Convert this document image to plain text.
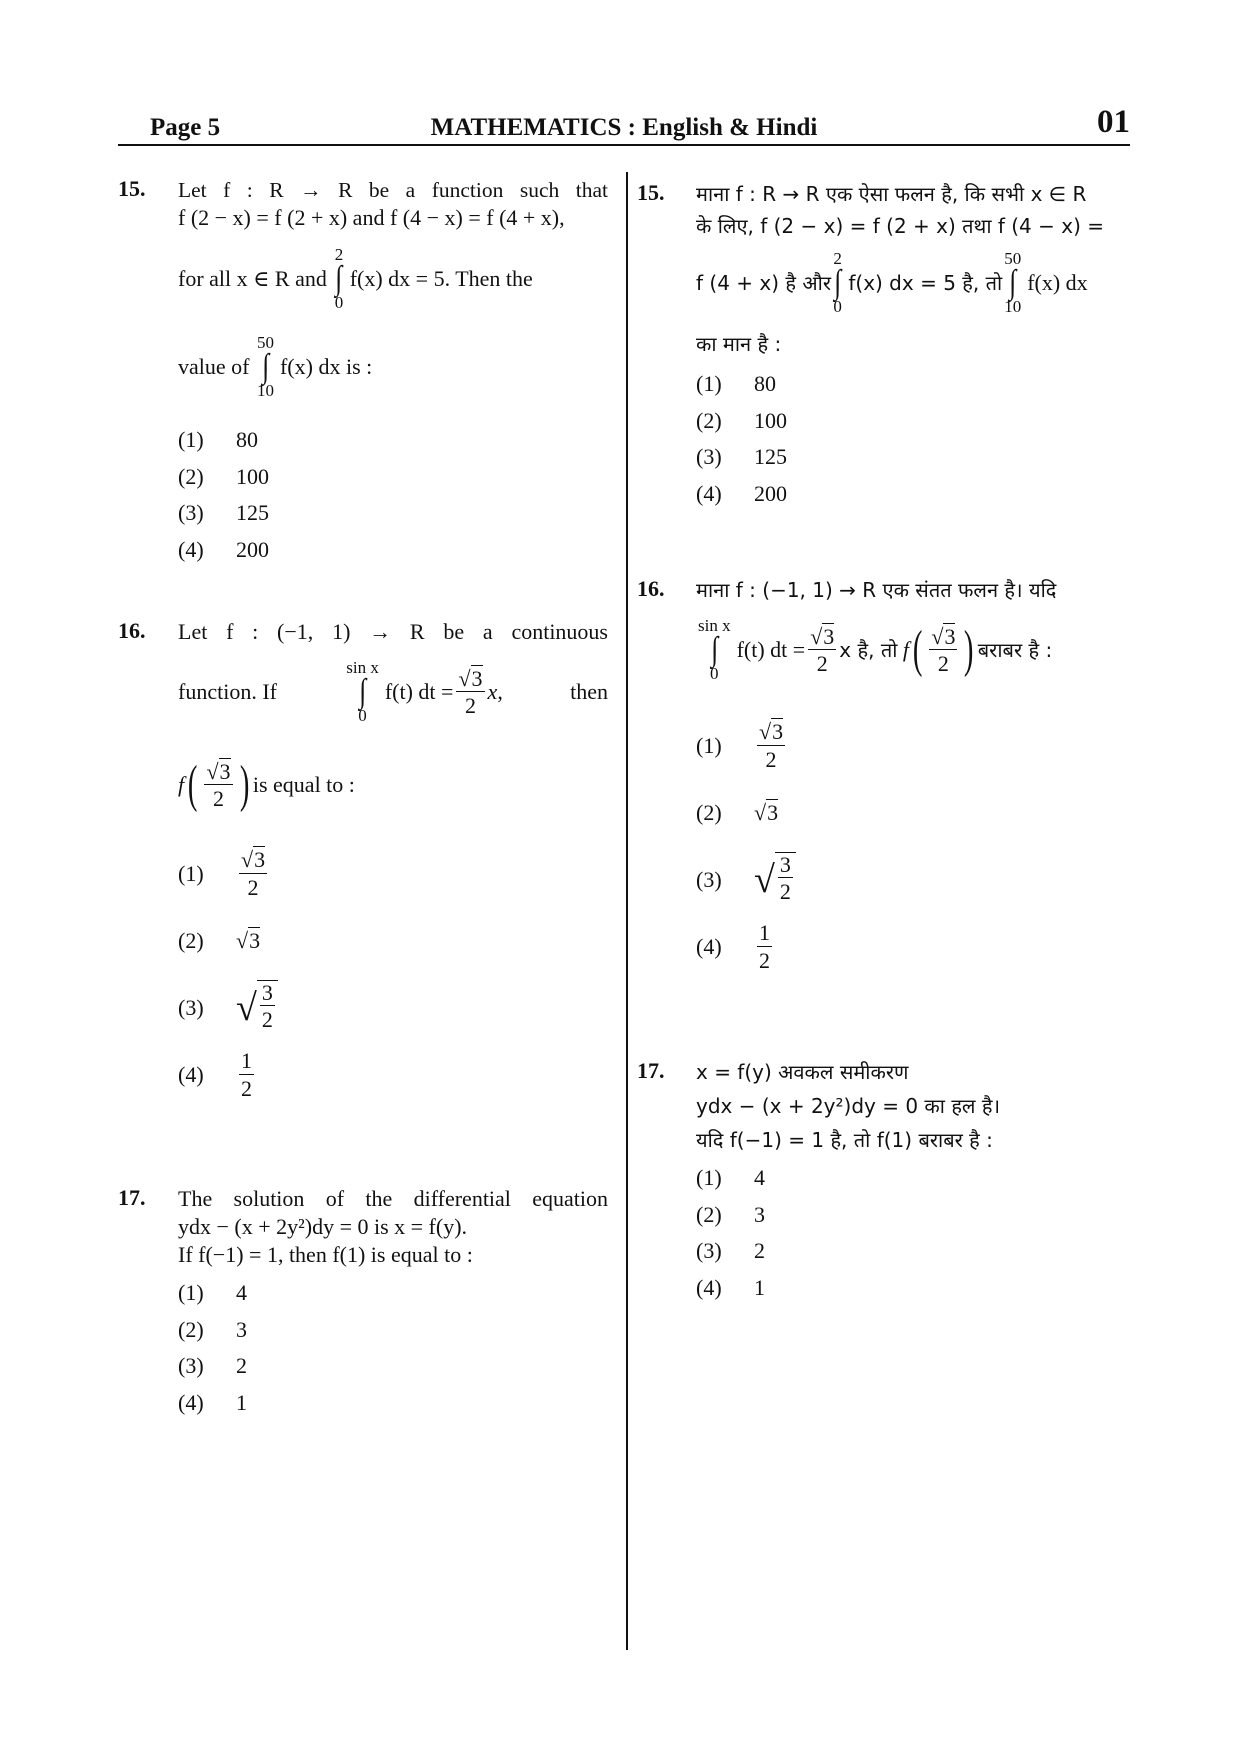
Page 5	MATHEMATICS : English & Hindi	01
15. Let f : R → R be a function such that
f (2 − x) = f (2 + x) and f (4 − x) = f (4 + x),
for all x ∈ R and

2
∫
0
f(x) dx = 5 . Then the
value of

50
∫
10
f(x) dx
is :
(1)	80
(2)	100
(3)	125
(4)	200
16. Let f : (−1, 1) → R be a continuous
function. If
sin x
∫
0
f(t) dt = $\frac{√3}{2}$ x ,	then
f ( $\frac{√3}{2}$ ) is equal to :
(1)	$\frac{√3}{2}$
(2)	√3
(3) √ $\frac{3}{2}$
(4)	$\frac{1}{2}$
17. The solution of the differential equation
ydx − (x + 2y²)dy = 0 is x = f(y).
If f(−1) = 1, then f(1) is equal to :
(1)	4
(2)	3
(3)	2
(4)	1
15. माना f : R → R एक ऐसा फलन है, कि सभी x ∈ R
के लिए, f (2 − x) = f (2 + x) तथा f (4 − x) =
f (4 + x) है और
2
∫
0
f(x) dx = 5 है, तो
50
∫
10
f(x) dx
का मान है :
(1)	80
(2)	100
(3)	125
(4)	200
16. माना f : (−1, 1) → R एक संतत फलन है। यदि
sin x
∫
0
f(t) dt = $\frac{√3}{2}$ x है, तो
f ( $\frac{√3}{2}$ ) बराबर है :
(1)	$\frac{√3}{2}$
(2)	√3
(3) √ $\frac{3}{2}$
(4)	$\frac{1}{2}$
17. x = f(y) अवकल समीकरण
ydx − (x + 2y²)dy = 0 का हल है।
यदि f(−1) = 1 है, तो f(1) बराबर है :
(1)	4
(2)	3
(3)	2
(4)	1
